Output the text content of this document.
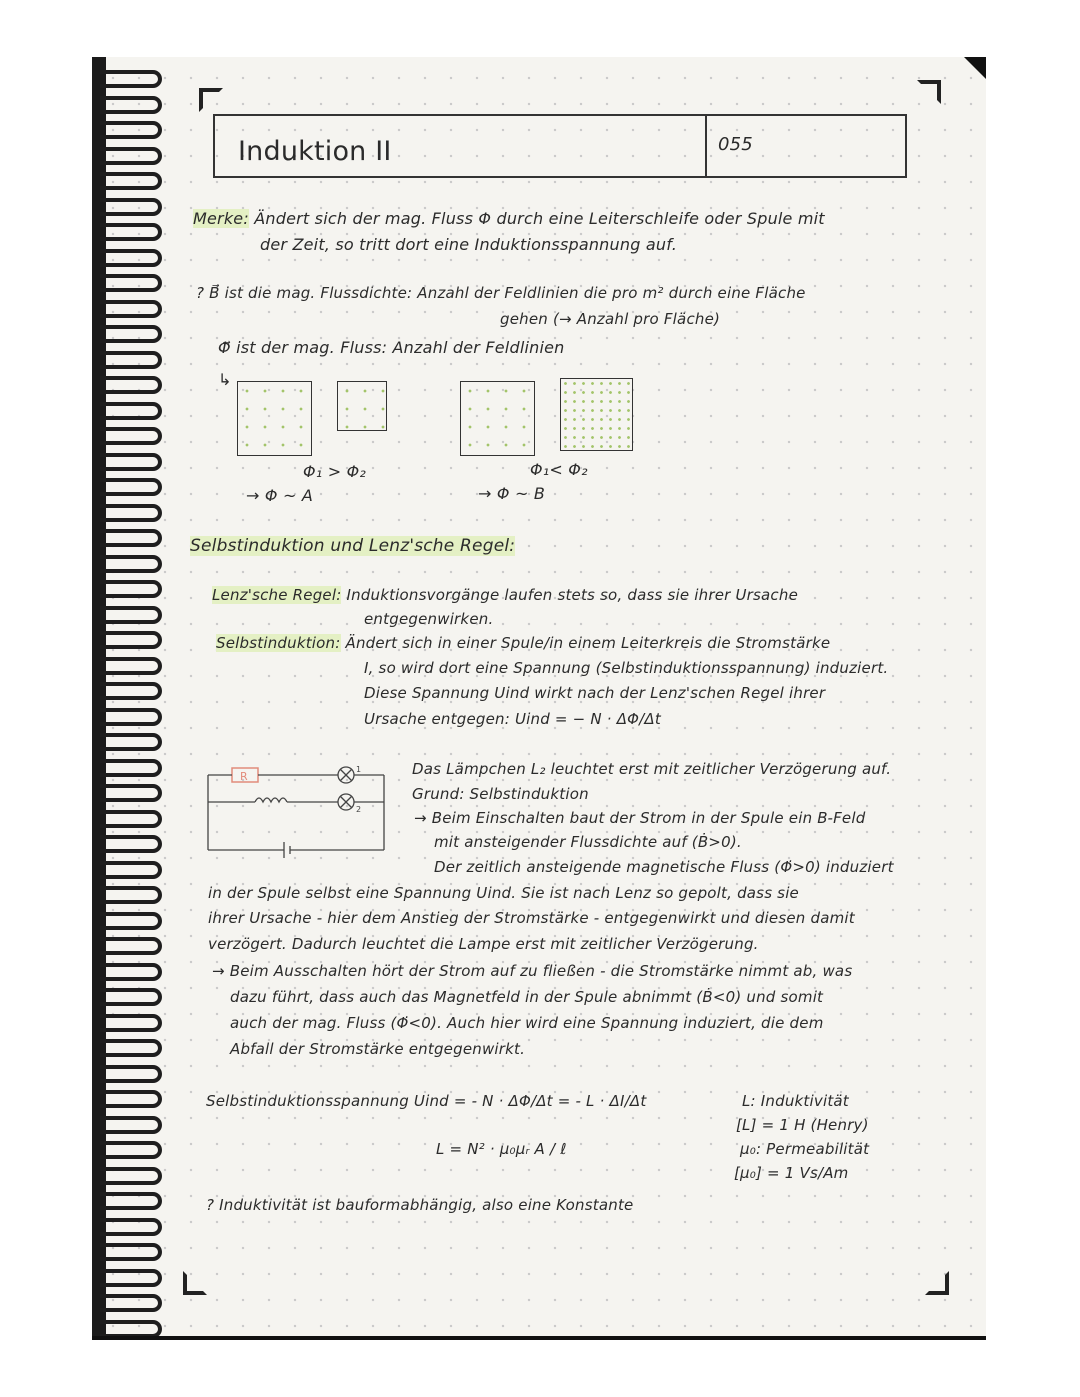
Induktion II	055
Merke: Ändert sich der mag. Fluss Φ durch eine Leiterschleife oder Spule mit
der Zeit, so tritt dort eine Induktionsspannung auf.
? B⃗ ist die mag. Flussdichte: Anzahl der Feldlinien die pro m² durch eine Fläche
gehen (→ Anzahl pro Fläche)
Φ⃗ ist der mag. Fluss: Anzahl der Feldlinien
↳
Φ₁ > Φ₂
→ Φ ~ A
Φ₁< Φ₂
→ Φ ~ B
Selbstinduktion und Lenz'sche Regel:
Lenz'sche Regel: Induktionsvorgänge laufen stets so, dass sie ihrer Ursache
entgegenwirken.
Selbstinduktion: Ändert sich in einer Spule/in einem Leiterkreis die Stromstärke
I, so wird dort eine Spannung (Selbstinduktionsspannung) induziert.
Diese Spannung Uind wirkt nach der Lenz'schen Regel ihrer
Ursache entgegen: Uind = − N · ΔΦ/Δt
R
1
2
Das Lämpchen L₂ leuchtet erst mit zeitlicher Verzögerung auf.
Grund: Selbstinduktion
→ Beim Einschalten baut der Strom in der Spule ein B-Feld
mit ansteigender Flussdichte auf (Ḃ>0).
Der zeitlich ansteigende magnetische Fluss (Φ̇>0) induziert
in der Spule selbst eine Spannung Uind. Sie ist nach Lenz so gepolt, dass sie
ihrer Ursache - hier dem Anstieg der Stromstärke - entgegenwirkt und diesen damit
verzögert. Dadurch leuchtet die Lampe erst mit zeitlicher Verzögerung.
→ Beim Ausschalten hört der Strom auf zu fließen - die Stromstärke nimmt ab, was
dazu führt, dass auch das Magnetfeld in der Spule abnimmt (Ḃ<0) und somit
auch der mag. Fluss (Φ̇<0). Auch hier wird eine Spannung induziert, die dem
Abfall der Stromstärke entgegenwirkt.
Selbstinduktionsspannung Uind = - N · ΔΦ/Δt = - L · ΔI/Δt
L = N² · μ₀μᵣ A / ℓ
L: Induktivität
[L] = 1 H (Henry)
μ₀: Permeabilität
[μ₀] = 1 Vs/Am
? Induktivität ist bauformabhängig, also eine Konstante
